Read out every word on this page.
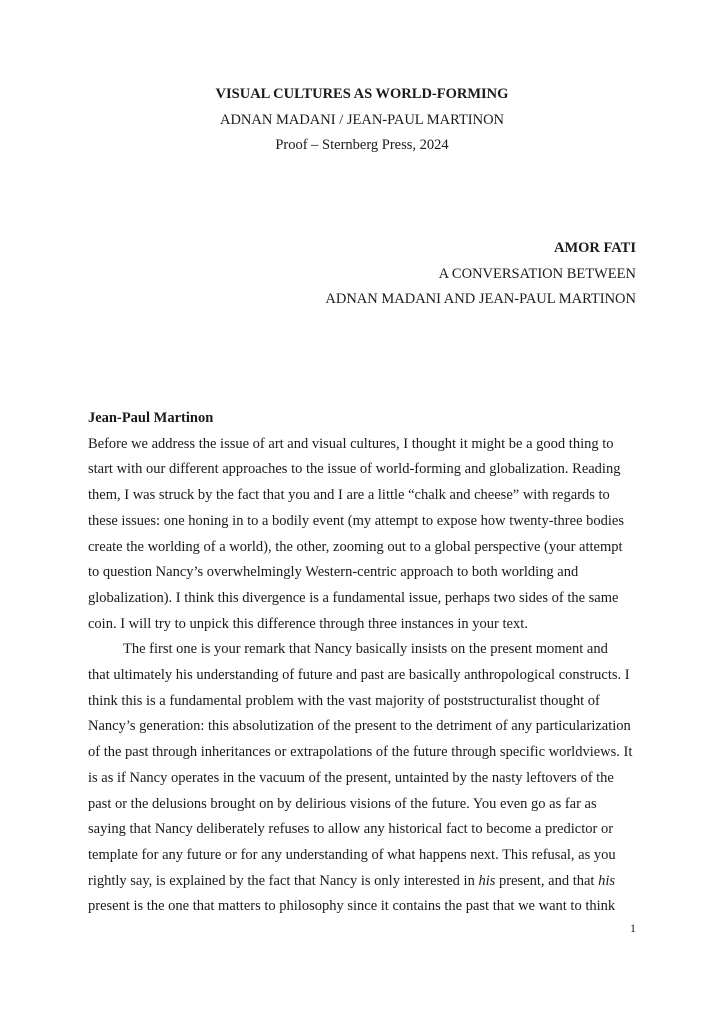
VISUAL CULTURES AS WORLD-FORMING
ADNAN MADANI / JEAN-PAUL MARTINON
Proof – Sternberg Press, 2024
AMOR FATI
A CONVERSATION BETWEEN
ADNAN MADANI AND JEAN-PAUL MARTINON
Jean-Paul Martinon
Before we address the issue of art and visual cultures, I thought it might be a good thing to
start with our different approaches to the issue of world-forming and globalization. Reading
them, I was struck by the fact that you and I are a little “chalk and cheese” with regards to
these issues: one honing in to a bodily event (my attempt to expose how twenty-three bodies
create the worlding of a world), the other, zooming out to a global perspective (your attempt
to question Nancy’s overwhelmingly Western-centric approach to both worlding and
globalization). I think this divergence is a fundamental issue, perhaps two sides of the same
coin. I will try to unpick this difference through three instances in your text.
The first one is your remark that Nancy basically insists on the present moment and
that ultimately his understanding of future and past are basically anthropological constructs. I
think this is a fundamental problem with the vast majority of poststructuralist thought of
Nancy’s generation: this absolutization of the present to the detriment of any particularization
of the past through inheritances or extrapolations of the future through specific worldviews. It
is as if Nancy operates in the vacuum of the present, untainted by the nasty leftovers of the
past or the delusions brought on by delirious visions of the future. You even go as far as
saying that Nancy deliberately refuses to allow any historical fact to become a predictor or
template for any future or for any understanding of what happens next. This refusal, as you
rightly say, is explained by the fact that Nancy is only interested in his present, and that his
present is the one that matters to philosophy since it contains the past that we want to think
1
